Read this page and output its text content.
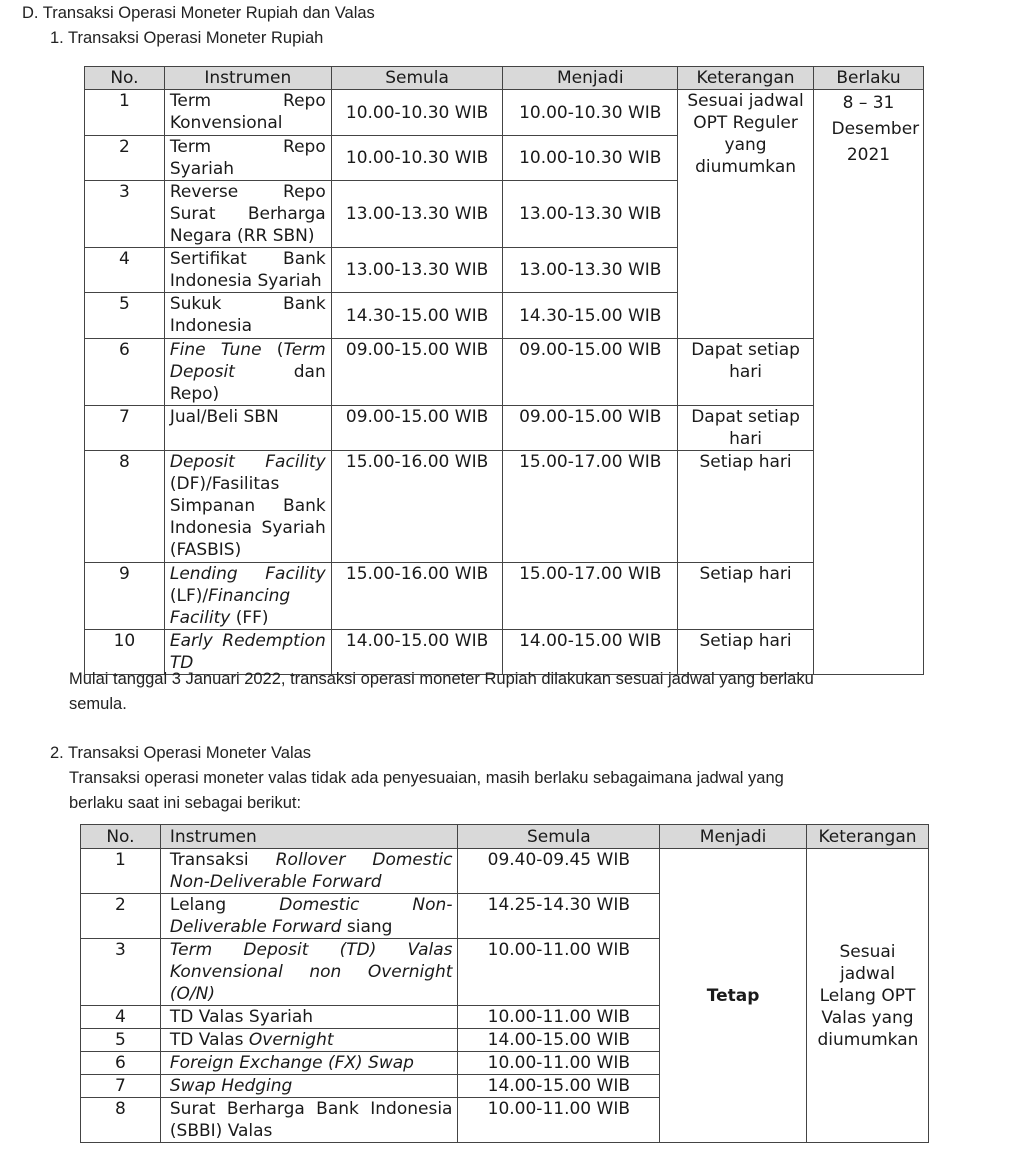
D. Transaksi Operasi Moneter Rupiah dan Valas
1. Transaksi Operasi Moneter Rupiah
No.	Instrumen	Semula	Menjadi	Keterangan	Berlaku
1	Term Repo Konvensional	10.00-10.30 WIB	10.00-10.30 WIB	Sesuai jadwal OPT Reguler yang diumumkan	8 – 31 Desember 2021

2	Term Repo Syariah	10.00-10.30 WIB	10.00-10.30 WIB		
3	Reverse Repo Surat Berharga Negara (RR SBN)	13.00-13.30 WIB	13.00-13.30 WIB		
4	Sertifikat Bank Indonesia Syariah	13.00-13.30 WIB	13.00-13.30 WIB		
5	Sukuk Bank Indonesia	14.30-15.00 WIB	14.30-15.00 WIB		
6	Fine Tune (Term Deposit dan Repo)	09.00-15.00 WIB	09.00-15.00 WIB	Dapat setiap hari	
7	Jual/Beli SBN	09.00-15.00 WIB	09.00-15.00 WIB	Dapat setiap hari	
8	Deposit Facility (DF)/Fasilitas Simpanan Bank Indonesia Syariah (FASBIS)	15.00-16.00 WIB	15.00-17.00 WIB	Setiap hari	
9	Lending Facility (LF)/Financing Facility (FF)	15.00-16.00 WIB	15.00-17.00 WIB	Setiap hari	
10	Early Redemption TD	14.00-15.00 WIB	14.00-15.00 WIB	Setiap hari	
Mulai tanggal 3 Januari 2022, transaksi operasi moneter Rupiah dilakukan sesuai jadwal yang berlaku
semula.
2. Transaksi Operasi Moneter Valas
Transaksi operasi moneter valas tidak ada penyesuaian, masih berlaku sebagaimana jadwal yang
berlaku saat ini sebagai berikut:
No.	Instrumen	Semula	Menjadi	Keterangan
1	Transaksi Rollover Domestic Non-Deliverable Forward	09.40-09.45 WIB	Tetap	Sesuai jadwal Lelang OPT Valas yang diumumkan

2	Lelang Domestic Non-Deliverable Forward siang	14.25-14.30 WIB		
3	Term Deposit (TD) Valas Konvensional non Overnight (O/N)	10.00-11.00 WIB		
4	TD Valas Syariah	10.00-11.00 WIB		
5	TD Valas Overnight	14.00-15.00 WIB		
6	Foreign Exchange (FX) Swap	10.00-11.00 WIB		
7	Swap Hedging	14.00-15.00 WIB		
8	Surat Berharga Bank Indonesia (SBBI) Valas	10.00-11.00 WIB		
